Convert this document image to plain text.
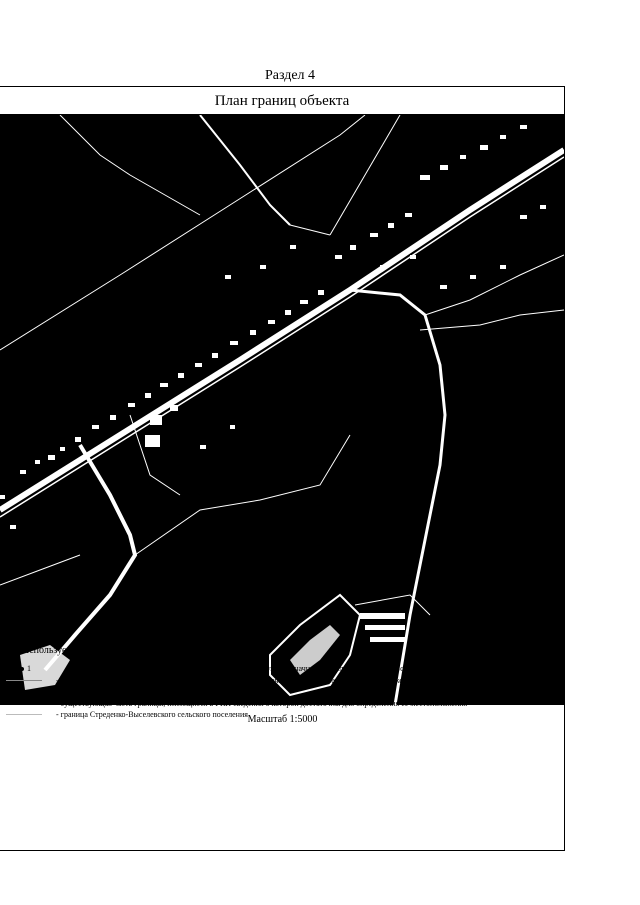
Раздел 4
План границ объекта
Масштаб 1:5000
Используемые условные знаки и обозначения:
1	- характерная точка контура, сведения о которой позволяют однозначно определить её на местности
- вновь образованная часть контура, сведения о которой достаточны для определения ее местоположения
- граница кадастрового квартала
- существующая часть границы, имеющиеся в ГКН сведения о которой достаточны для определения её местоположения
- граница Стреденко-Выселевского сельского поселения
